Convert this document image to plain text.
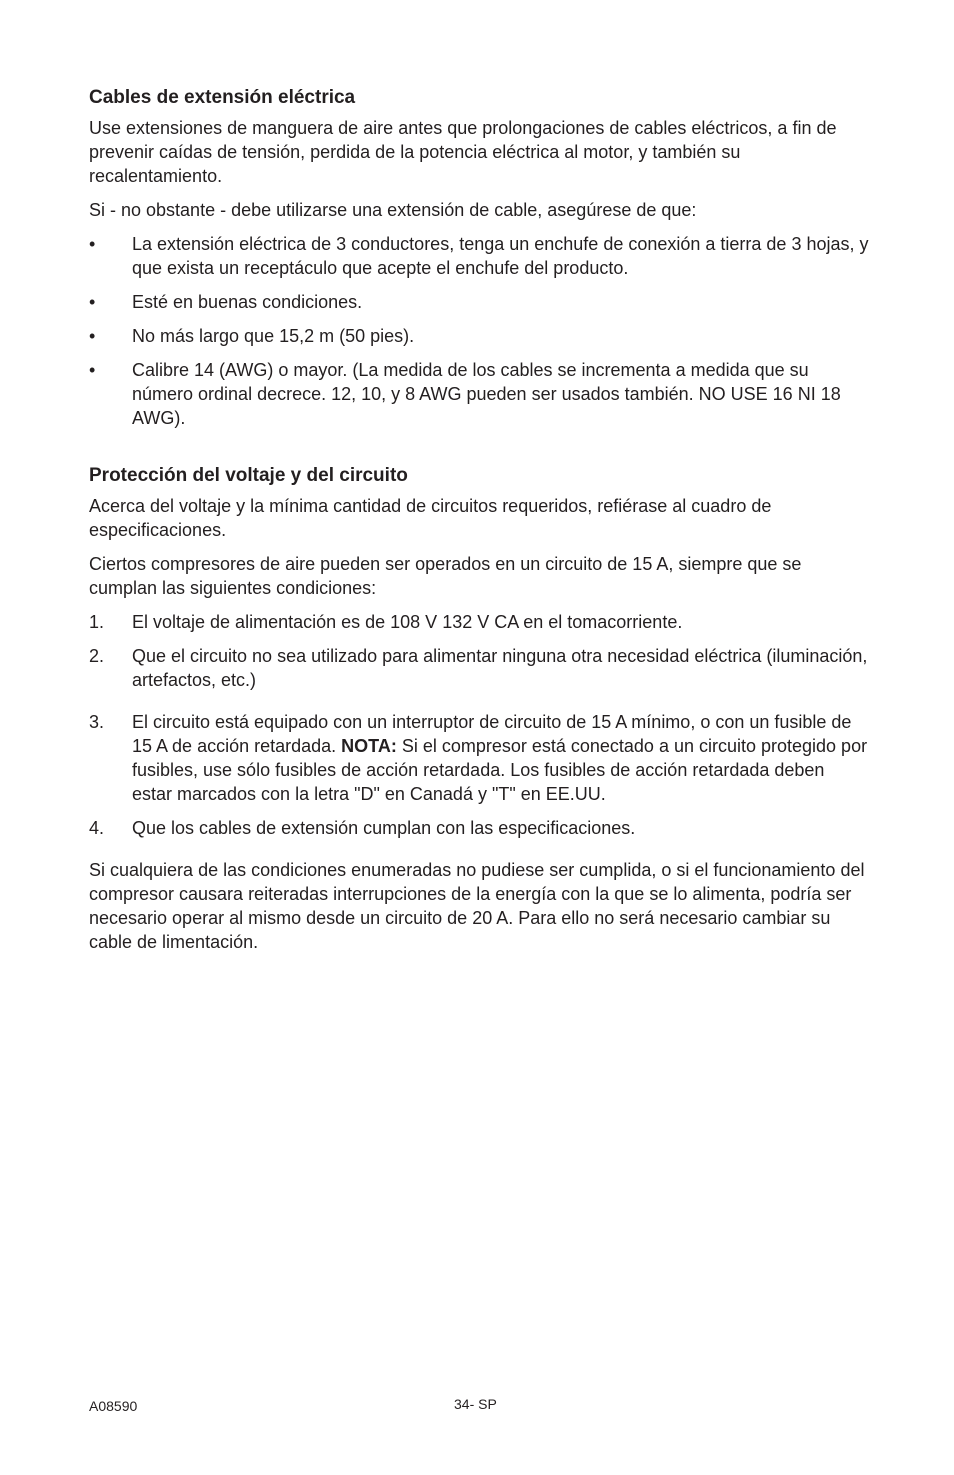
Cables de extensión eléctrica

Use extensiones de manguera de aire antes que prolongaciones de cables eléctricos, a fin de prevenir caídas de tensión, perdida de la potencia eléctrica al motor, y también su recalentamiento.

Si - no obstante - debe utilizarse una extensión de cable, asegúrese de que:

•	La extensión eléctrica de 3 conductores, tenga un enchufe de conexión a tierra de 3 hojas, y que exista un receptáculo que acepte el enchufe del producto.
•	Esté en buenas condiciones.
•	No más largo que 15,2 m (50 pies).
•	Calibre 14 (AWG) o mayor. (La medida de los cables se incrementa a medida que su número ordinal decrece. 12, 10, y 8 AWG pueden ser usados también. NO USE 16 NI 18 AWG).
Protección del voltaje y del circuito

Acerca del voltaje y la mínima cantidad de circuitos requeridos, refiérase al cuadro de especificaciones.

Ciertos compresores de aire pueden ser operados en un circuito de 15 A, siempre que se cumplan las siguientes condiciones:

1.	El voltaje de alimentación es de 108 V 132 V CA en el tomacorriente.
2.	Que el circuito no sea utilizado para alimentar ninguna otra necesidad eléctrica (iluminación, artefactos, etc.)
3.	El circuito está equipado con un interruptor de circuito de 15 A mínimo, o con un fusible de 15 A de acción retardada. NOTA: Si el compresor está conectado a un circuito protegido por fusibles, use sólo fusibles de acción retardada. Los fusibles de acción retardada deben estar marcados con la letra "D" en Canadá y "T" en EE.UU.
4.	Que los cables de extensión cumplan con las especificaciones.

Si cualquiera de las condiciones enumeradas no pudiese ser cumplida, o si el funcionamiento del compresor causara reiteradas interrupciones de la energía con la que se lo alimenta, podría ser necesario operar al mismo desde un circuito de 20 A. Para ello no será necesario cambiar su cable de limentación.

A08590	34- SP
